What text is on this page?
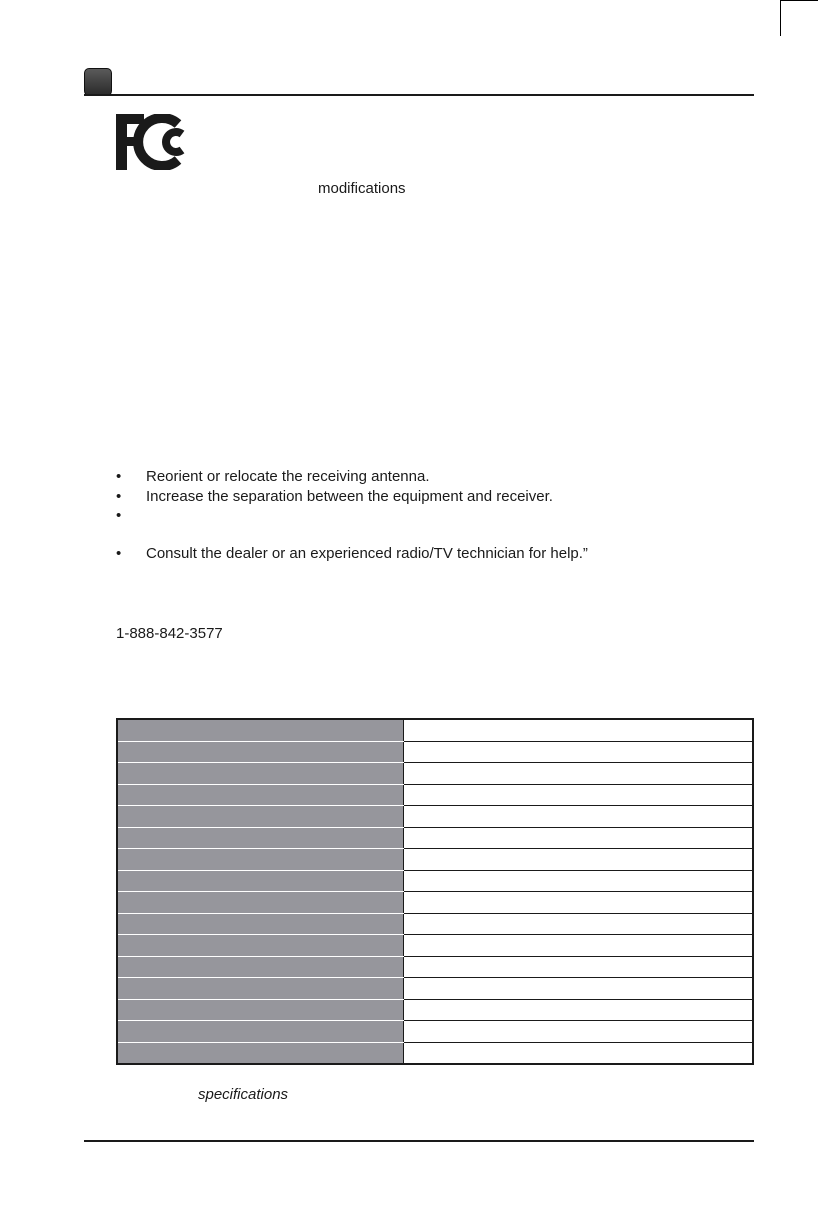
modifications
• Reorient or relocate the receiving antenna.
• Increase the separation between the equipment and receiver.
•
• Consult the dealer or an experienced radio/TV technician for help.”
1-888-842-3577

specifications
